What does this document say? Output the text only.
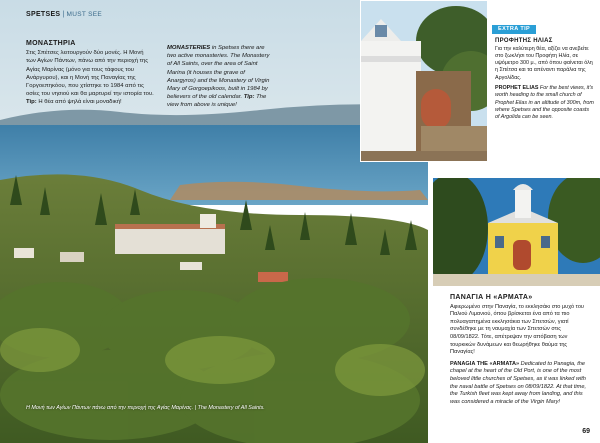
SPETSES | MUST SEE
ΜΟΝΑΣΤΗΡΙΑ
Στις Σπέτσες λειτουργούν δύο μονές. Η Μονή των Αγίων Πάντων, πάνω από την περιοχή της Αγίας Μαρίνας (μόνο για τους τάφους του Ανάργυρου), και η Μονή της Παναγίας της Γοργοεπηκόου, που χτίστηκε το 1984 από τις οσίες του νησιού και θα μαρτυρεί την ιστορία του. Tip: Η θέα από ψηλά είναι μοναδική!
MONASTERIES in Spetses there are two active monasteries. The Monastery of All Saints, over the area of Saint Marina (it houses the grave of Anargyros) and the Monastery of Virgin Mary of Gorgoepikoos, built in 1984 by believers of the old calendar. Tip: The view from above is unique!
Η Μονή των Αγίων Πάντων πάνω από την περιοχή της Αγίας Μαρίνας. | The Monastery of All Saints.
EXTRA TIP
ΠΡΟΦΗΤΗΣ ΗΛΙΑΣ
Για την καλύτερη θέα, αξίζει να ανεβείτε στο ξωκλήσι του Προφήτη Ηλία, σε υψόμετρο 300 μ., από όπου φαίνεται όλη η Σπέτσα και τα απέναντι παράλια της Αργολίδας.
PROPHET ELIAS For the best views, it's worth heading to the small church of Prophet Elias in an altitude of 300m, from where Spetses and the opposite coasts of Argolida can be seen.
ΠΑΝΑΓΙΑ Η «ΑΡΜΑΤΑ»
Αφιερωμένο στην Παναγία, το εκκλησάκι στο μυχό του Παλιού Λιμανιού, όπου βρίσκεται ένα από τα πιο πολυαγαπημένα εκκλησάκια των Σπετσών, γιατί συνδέθηκε με τη ναυμαχία των Σπετσών στις 08/09/1822. Τότε, απέτρεψαν την απόβαση των τουρκικών δυνάμεων και θεωρήθηκε θαύμα της Παναγίας!
PANAGIA THE «ARMATA» Dedicated to Panagia, the chapel at the heart of the Old Port, is one of the most beloved little churches of Spetses, as it was linked with the naval battle of Spetses on 08/09/1822. At that time, the Turkish fleet was kept away from landing, and this was considered a miracle of the Virgin Mary!
69
